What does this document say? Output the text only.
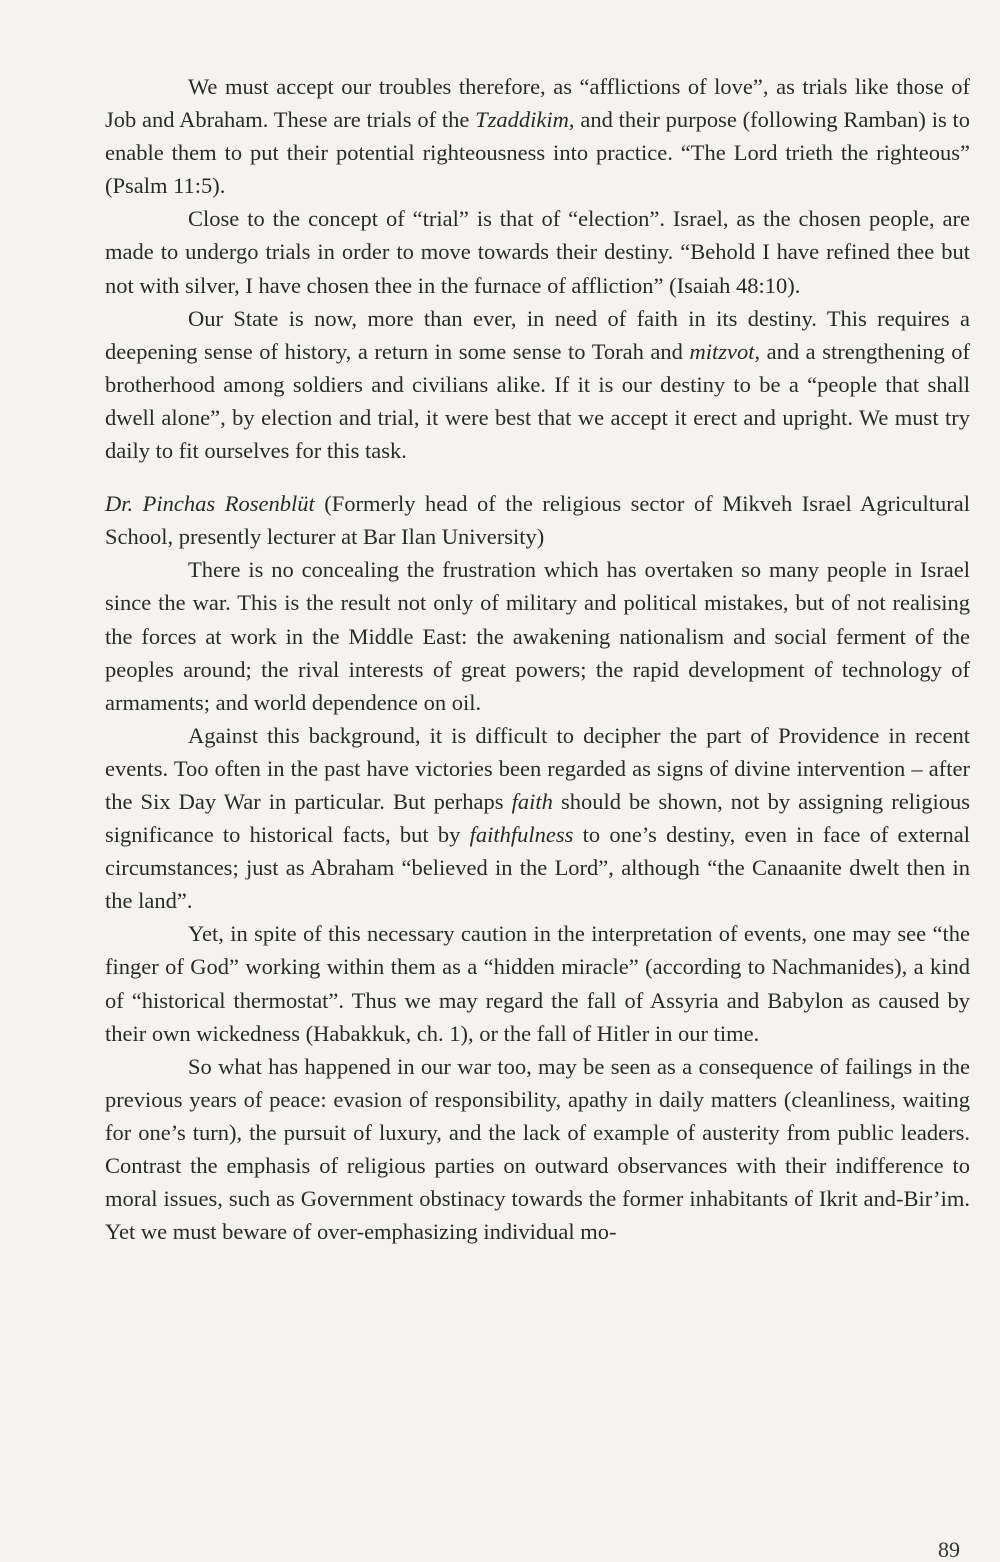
We must accept our troubles therefore, as “afflictions of love”, as trials like those of Job and Abraham. These are trials of the Tzaddikim, and their purpose (following Ramban) is to enable them to put their potential righteousness into practice. “The Lord trieth the righteous” (Psalm 11:5).

Close to the concept of “trial” is that of “election”. Israel, as the chosen people, are made to undergo trials in order to move towards their destiny. “Behold I have refined thee but not with silver, I have chosen thee in the furnace of affliction” (Isaiah 48:10).

Our State is now, more than ever, in need of faith in its destiny. This requires a deepening sense of history, a return in some sense to Torah and mitzvot, and a strengthening of brotherhood among soldiers and civilians alike. If it is our destiny to be a “people that shall dwell alone”, by election and trial, it were best that we accept it erect and upright. We must try daily to fit ourselves for this task.

Dr. Pinchas Rosenblüt (Formerly head of the religious sector of Mikveh Israel Agricultural School, presently lecturer at Bar Ilan University)

There is no concealing the frustration which has overtaken so many people in Israel since the war. This is the result not only of military and political mistakes, but of not realising the forces at work in the Middle East: the awakening nationalism and social ferment of the peoples around; the rival interests of great powers; the rapid development of technology of armaments; and world dependence on oil.

Against this background, it is difficult to decipher the part of Providence in recent events. Too often in the past have victories been regarded as signs of divine intervention – after the Six Day War in particular. But perhaps faith should be shown, not by assigning religious significance to historical facts, but by faithfulness to one’s destiny, even in face of external circumstances; just as Abraham “believed in the Lord”, although “the Canaanite dwelt then in the land”.

Yet, in spite of this necessary caution in the interpretation of events, one may see “the finger of God” working within them as a “hidden miracle” (according to Nachmanides), a kind of “historical thermostat”. Thus we may regard the fall of Assyria and Babylon as caused by their own wickedness (Habakkuk, ch. 1), or the fall of Hitler in our time.

So what has happened in our war too, may be seen as a consequence of failings in the previous years of peace: evasion of responsibility, apathy in daily matters (cleanliness, waiting for one’s turn), the pursuit of luxury, and the lack of example of austerity from public leaders. Contrast the emphasis of religious parties on outward observances with their indifference to moral issues, such as Government obstinacy towards the former inhabitants of Ikrit and-Bir’im. Yet we must beware of over-emphasizing individual mo-

89
